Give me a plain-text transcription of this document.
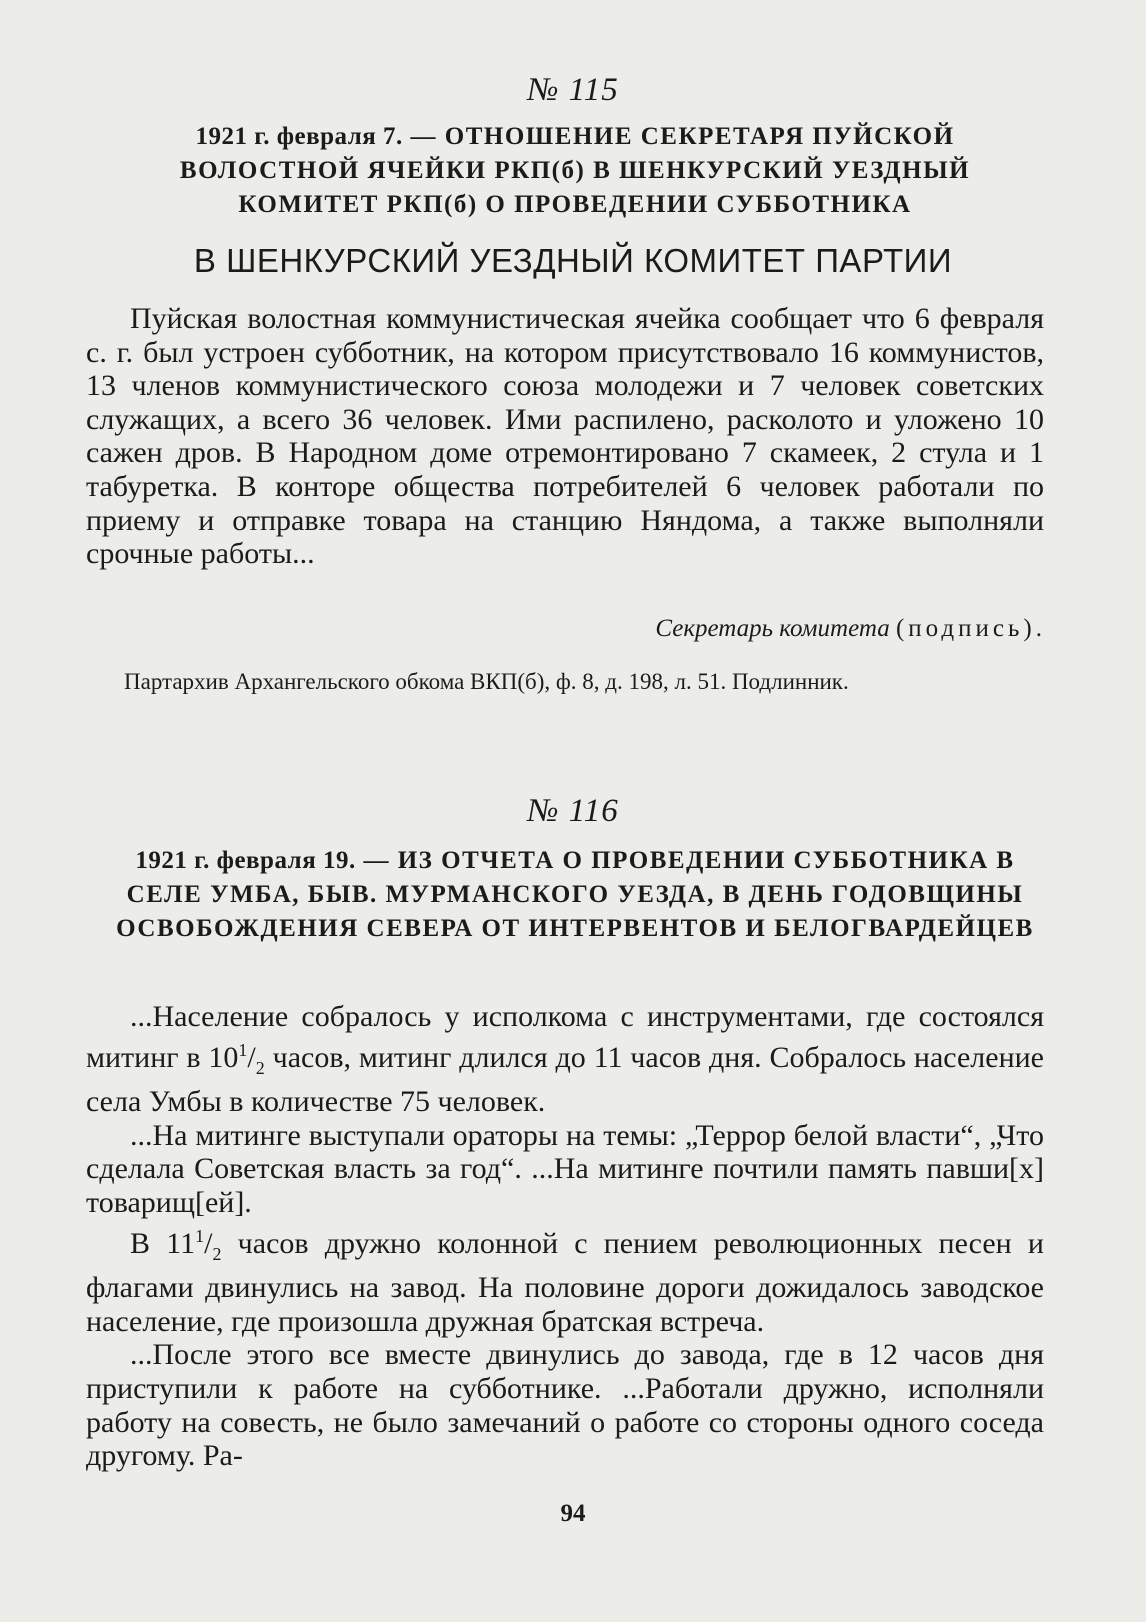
№ 115
1921 г. февраля 7. — ОТНОШЕНИЕ СЕКРЕТАРЯ ПУЙСКОЙ ВОЛОСТНОЙ ЯЧЕЙКИ РКП(б) В ШЕНКУРСКИЙ УЕЗДНЫЙ КОМИТЕТ РКП(б) О ПРОВЕДЕНИИ СУББОТНИКА
В ШЕНКУРСКИЙ УЕЗДНЫЙ КОМИТЕТ ПАРТИИ

Пуйская волостная коммунистическая ячейка сообщает что 6 февраля с. г. был устроен субботник, на котором присутствовало 16 коммунистов, 13 членов коммунистического союза молодежи и 7 человек советских служащих, а всего 36 человек. Ими распилено, расколото и уложено 10 сажен дров. В Народном доме отремонтировано 7 скамеек, 2 стула и 1 табуретка. В конторе общества потребителей 6 человек работали по приему и отправке товара на станцию Няндома, а также выполняли срочные работы...

Секретарь комитета (подпись).

Партархив Архангельского обкома ВКП(б), ф. 8, д. 198, л. 51. Подлинник.

№ 116
1921 г. февраля 19. — ИЗ ОТЧЕТА О ПРОВЕДЕНИИ СУББОТНИКА В СЕЛЕ УМБА, БЫВ. МУРМАНСКОГО УЕЗДА, В ДЕНЬ ГОДОВЩИНЫ ОСВОБОЖДЕНИЯ СЕВЕРА ОТ ИНТЕРВЕНТОВ И БЕЛОГВАРДЕЙЦЕВ

...Население собралось у исполкома с инструментами, где состоялся митинг в $10^1/_2$ часов, митинг длился до 11 часов дня. Собралось население села Умбы в количестве 75 человек.

...На митинге выступали ораторы на темы: „Террор белой власти“, „Что сделала Советская власть за год“. ...На митинге почтили память павши[х] товарищ[ей].

В $11^1/_2$ часов дружно колонной с пением революционных песен и флагами двинулись на завод. На половине дороги дожидалось заводское население, где произошла дружная братская встреча.

...После этого все вместе двинулись до завода, где в 12 часов дня приступили к работе на субботнике. ...Работали дружно, исполняли работу на совесть, не было замечаний о работе со стороны одного соседа другому. Ра-

94
